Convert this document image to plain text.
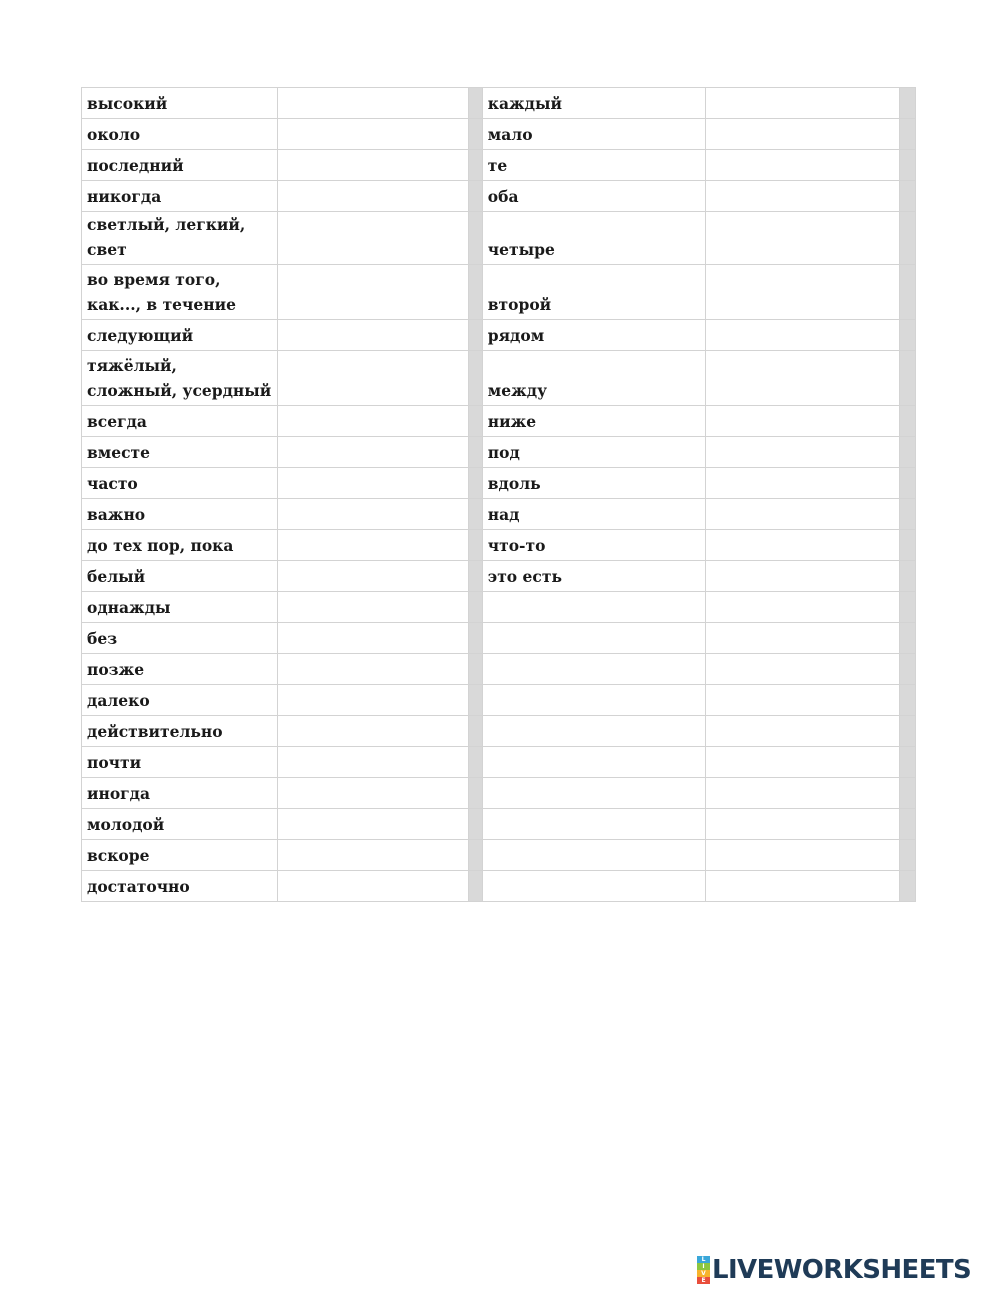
высокий			каждый		
около			мало		
последний			те		
никогда			оба		
светлый, легкий, свет			четыре		
во время того, как..., в течение			второй		
следующий			рядом		
тяжёлый, сложный, усердный			между		
всегда			ниже		
вместе			под		
часто			вдоль		
важно			над		
до тех пор, пока			что-то		
белый			это есть		
однажды					
без					
позже					
далеко					
действительно					
почти					
иногда					
молодой					
вскоре					
достаточно					
L
I
V
E LIVEWORKSHEETS
